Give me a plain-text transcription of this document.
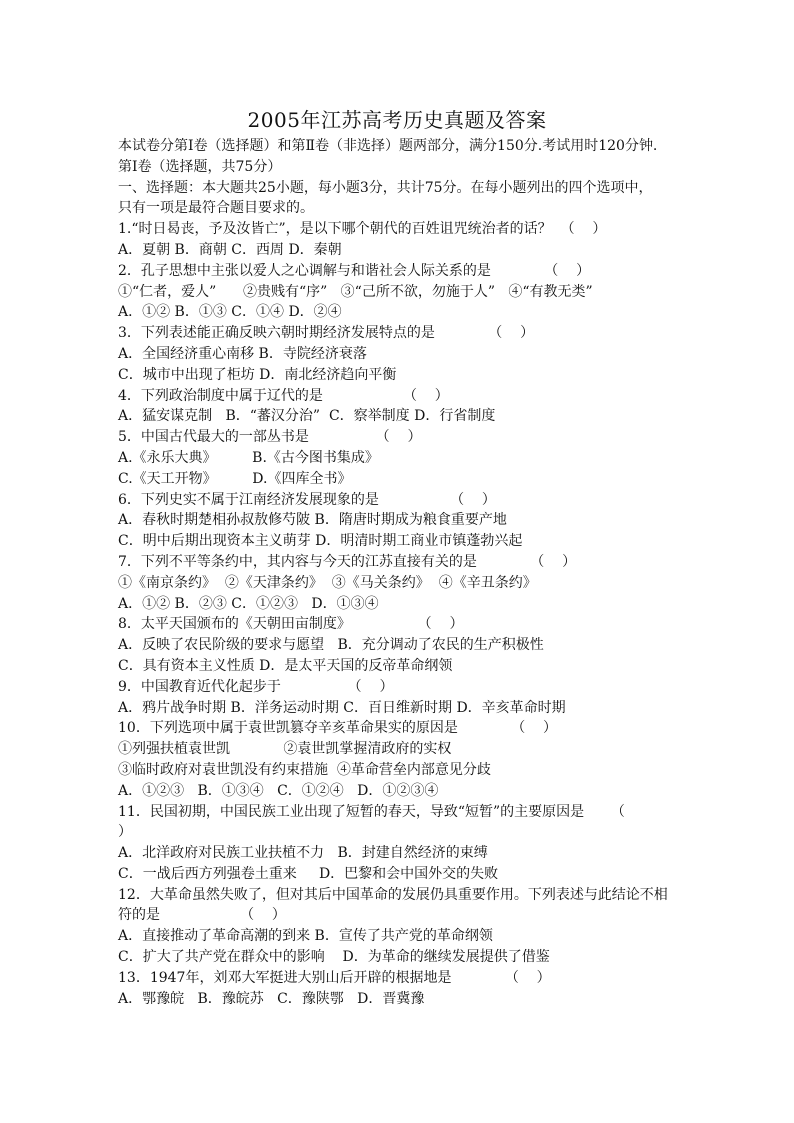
2005年江苏高考历史真题及答案
本试卷分第Ⅰ卷（选择题）和第Ⅱ卷（非选择）题两部分，满分150分.考试用时120分钟.
第Ⅰ卷（选择题，共75分）
一、选择题：本大题共25小题，每小题3分，共计75分。在每小题列出的四个选项中，
只有一项是最符合题目要求的。
1.“时日曷丧，予及汝皆亡”，是以下哪个朝代的百姓诅咒统治者的话？  （    ）
A．夏朝 B．商朝 C．西周 D．秦朝
2．孔子思想中主张以爱人之心调解与和谐社会人际关系的是            （    ）
①“仁者，爱人”      ②贵贱有“序”   ③“己所不欲，勿施于人”   ④“有教无类”
A．①② B．①③ C．①④ D．②④
3．下列表述能正确反映六朝时期经济发展特点的是            （    ）
A．全国经济重心南移 B．寺院经济衰落
C．城市中出现了柜坊 D．南北经济趋向平衡
4．下列政治制度中属于辽代的是                  （    ）
A．猛安谋克制   B．“蕃汉分治”  C．察举制度 D．行省制度
5．中国古代最大的一部丛书是               （    ）
A.《永乐大典》        B.《古今图书集成》
C.《天工开物》        D.《四库全书》
6．下列史实不属于江南经济发展现象的是                （    ）
A．春秋时期楚相孙叔敖修芍陂 B．隋唐时期成为粮食重要产地
C．明中后期出现资本主义萌芽 D．明清时期工商业市镇蓬勃兴起
7．下列不平等条约中，其内容与今天的江苏直接有关的是            （    ）
①《南京条约》  ②《天津条约》  ③《马关条约》  ④《辛丑条约》
A．①② B．②③ C．①②③   D．①③④
8．太平天国颁布的《天朝田亩制度》               （    ）
A．反映了农民阶级的要求与愿望   B．充分调动了农民的生产积极性
C．具有资本主义性质 D．是太平天国的反帝革命纲领
9．中国教育近代化起步于               （    ）
A．鸦片战争时期 B．洋务运动时期 C．百日维新时期 D．辛亥革命时期
10．下列选项中属于袁世凯篡夺辛亥革命果实的原因是            （    ）
①列强扶植袁世凯            ②袁世凯掌握清政府的实权
③临时政府对袁世凯没有约束措施  ④革命营垒内部意见分歧
A．①②③   B．①③④   C．①②④   D．①②③④
11．民国初期，中国民族工业出现了短暂的春天，导致“短暂”的主要原因是      （
）
A．北洋政府对民族工业扶植不力   B．封建自然经济的束缚
C．一战后西方列强卷土重来     D．巴黎和会中国外交的失败
12．大革命虽然失败了，但对其后中国革命的发展仍具重要作用。下列表述与此结论不相
符的是                  （    ）
A．直接推动了革命高潮的到来 B．宣传了共产党的革命纲领
C．扩大了共产党在群众中的影响    D．为革命的继续发展提供了借鉴
13．1947年，刘邓大军挺进大别山后开辟的根据地是            （    ）
A．鄂豫皖   B．豫皖苏   C．豫陕鄂   D．晋冀豫
